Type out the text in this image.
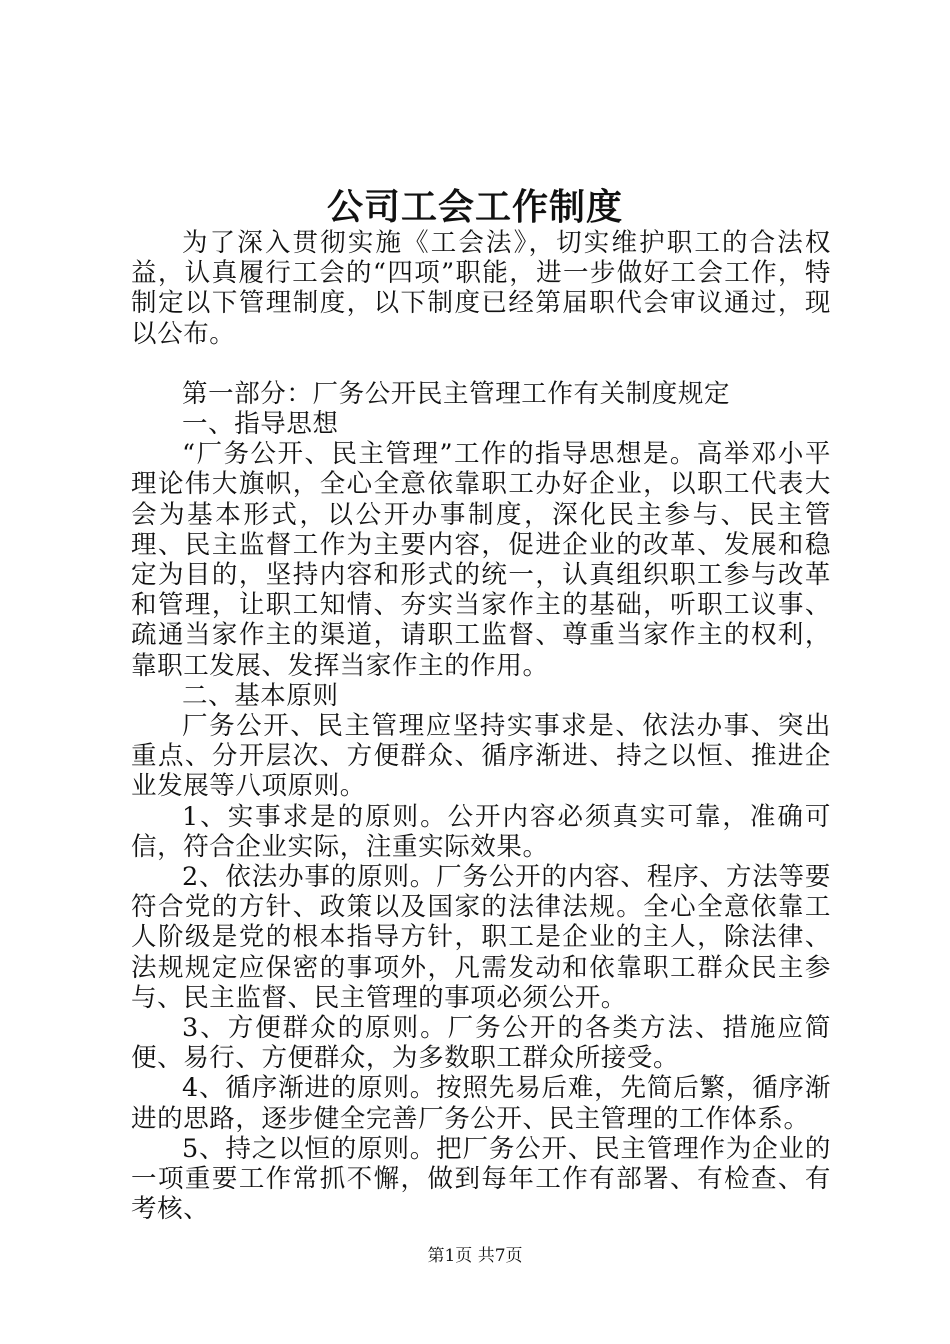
公司工会工作制度

为了深入贯彻实施《工会法》，切实维护职工的合法权益，认真履行工会的“四项”职能，进一步做好工会工作，特制定以下管理制度，以下制度已经第届职代会审议通过，现以公布。

第一部分：厂务公开民主管理工作有关制度规定

一、指导思想

“厂务公开、民主管理”工作的指导思想是。高举邓小平理论伟大旗帜，全心全意依靠职工办好企业，以职工代表大会为基本形式，以公开办事制度，深化民主参与、民主管理、民主监督工作为主要内容，促进企业的改革、发展和稳定为目的，坚持内容和形式的统一，认真组织职工参与改革和管理，让职工知情、夯实当家作主的基础，听职工议事、疏通当家作主的渠道，请职工监督、尊重当家作主的权利，靠职工发展、发挥当家作主的作用。

二、基本原则

厂务公开、民主管理应坚持实事求是、依法办事、突出重点、分开层次、方便群众、循序渐进、持之以恒、推进企业发展等八项原则。

1、实事求是的原则。公开内容必须真实可靠，准确可信，符合企业实际，注重实际效果。

2、依法办事的原则。厂务公开的内容、程序、方法等要符合党的方针、政策以及国家的法律法规。全心全意依靠工人阶级是党的根本指导方针，职工是企业的主人，除法律、法规规定应保密的事项外，凡需发动和依靠职工群众民主参与、民主监督、民主管理的事项必须公开。

3、方便群众的原则。厂务公开的各类方法、措施应简便、易行、方便群众，为多数职工群众所接受。

4、循序渐进的原则。按照先易后难，先简后繁，循序渐进的思路，逐步健全完善厂务公开、民主管理的工作体系。

5、持之以恒的原则。把厂务公开、民主管理作为企业的一项重要工作常抓不懈，做到每年工作有部署、有检查、有考核、

第1页 共7页
